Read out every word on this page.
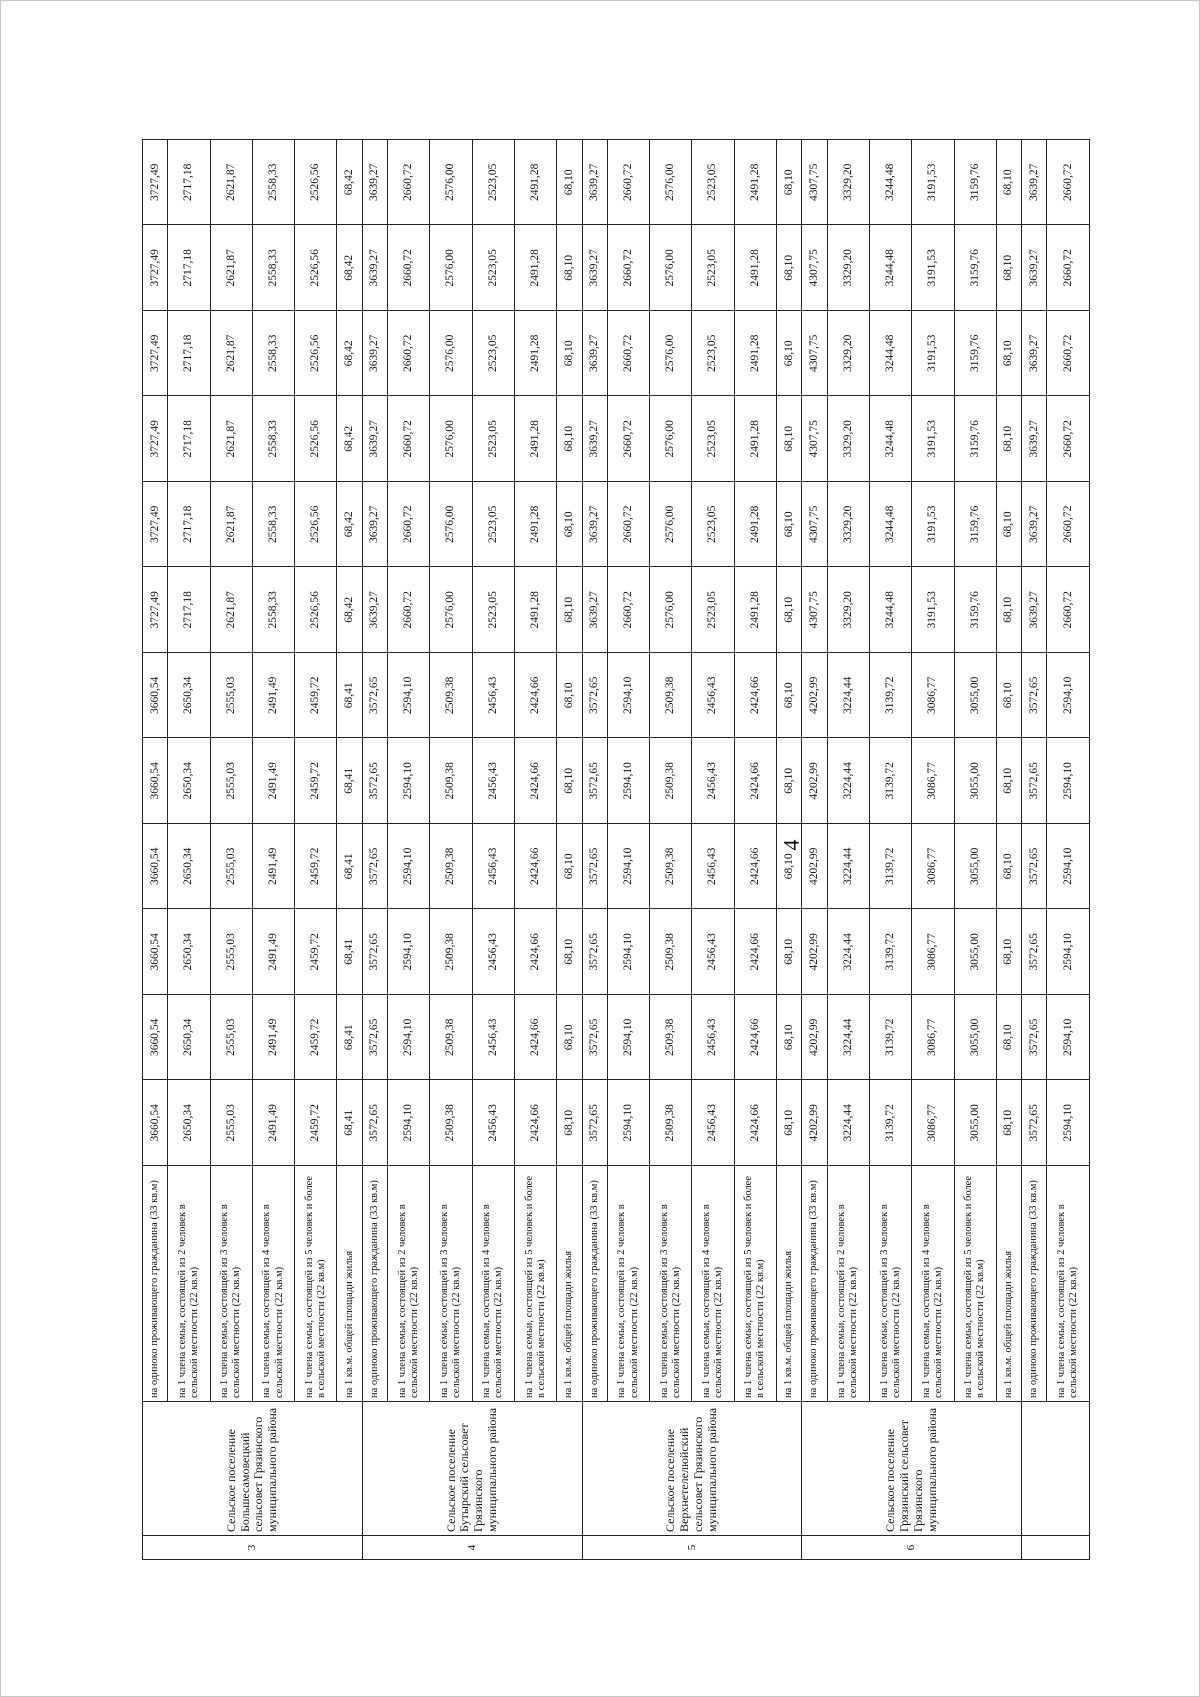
3	Сельское поселение Большесамовецкий сельсовет Грязинского муниципального района	на одиноко проживающего гражданина (33 кв.м)	3660,54	3660,54	3660,54	3660,54	3660,54	3660,54	3727,49	3727,49	3727,49	3727,49	3727,49	3727,49
		на 1 члена семьи, состоящей из 2 человек в сельской местности (22 кв.м)	2650,34	2650,34	2650,34	2650,34	2650,34	2650,34	2717,18	2717,18	2717,18	2717,18	2717,18	2717,18
		на 1 члена семьи, состоящей из 3 человек в сельской местности (22 кв.м)	2555,03	2555,03	2555,03	2555,03	2555,03	2555,03	2621,87	2621,87	2621,87	2621,87	2621,87	2621,87
		на 1 члена семьи, состоящей из 4 человек в сельской местности (22 кв.м)	2491,49	2491,49	2491,49	2491,49	2491,49	2491,49	2558,33	2558,33	2558,33	2558,33	2558,33	2558,33
		на 1 члена семьи, состоящей из 5 человек и более в сельской местности (22 кв.м)	2459,72	2459,72	2459,72	2459,72	2459,72	2459,72	2526,56	2526,56	2526,56	2526,56	2526,56	2526,56
		на 1 кв.м. общей площади жилья	68,41	68,41	68,41	68,41	68,41	68,41	68,42	68,42	68,42	68,42	68,42	68,42
4	Сельское поселение Бутырский сельсовет Грязинского муниципального района	на одиноко проживающего гражданина (33 кв.м)	3572,65	3572,65	3572,65	3572,65	3572,65	3572,65	3639,27	3639,27	3639,27	3639,27	3639,27	3639,27
		на 1 члена семьи, состоящей из 2 человек в сельской местности (22 кв.м)	2594,10	2594,10	2594,10	2594,10	2594,10	2594,10	2660,72	2660,72	2660,72	2660,72	2660,72	2660,72
		на 1 члена семьи, состоящей из 3 человек в сельской местности (22 кв.м)	2509,38	2509,38	2509,38	2509,38	2509,38	2509,38	2576,00	2576,00	2576,00	2576,00	2576,00	2576,00
		на 1 члена семьи, состоящей из 4 человек в сельской местности (22 кв.м)	2456,43	2456,43	2456,43	2456,43	2456,43	2456,43	2523,05	2523,05	2523,05	2523,05	2523,05	2523,05
		на 1 члена семьи, состоящей из 5 человек и более в сельской местности (22 кв.м)	2424,66	2424,66	2424,66	2424,66	2424,66	2424,66	2491,28	2491,28	2491,28	2491,28	2491,28	2491,28
		на 1 кв.м. общей площади жилья	68,10	68,10	68,10	68,10	68,10	68,10	68,10	68,10	68,10	68,10	68,10	68,10
5	Сельское поселение Верхнетелелюйский сельсовет Грязинского муниципального района	на одиноко проживающего гражданина (33 кв.м)	3572,65	3572,65	3572,65	3572,65	3572,65	3572,65	3639,27	3639,27	3639,27	3639,27	3639,27	3639,27
		на 1 члена семьи, состоящей из 2 человек в сельской местности (22 кв.м)	2594,10	2594,10	2594,10	2594,10	2594,10	2594,10	2660,72	2660,72	2660,72	2660,72	2660,72	2660,72
		на 1 члена семьи, состоящей из 3 человек в сельской местности (22 кв.м)	2509,38	2509,38	2509,38	2509,38	2509,38	2509,38	2576,00	2576,00	2576,00	2576,00	2576,00	2576,00
		на 1 члена семьи, состоящей из 4 человек в сельской местности (22 кв.м)	2456,43	2456,43	2456,43	2456,43	2456,43	2456,43	2523,05	2523,05	2523,05	2523,05	2523,05	2523,05
		на 1 члена семьи, состоящей из 5 человек и более в сельской местности (22 кв.м)	2424,66	2424,66	2424,66	2424,66	2424,66	2424,66	2491,28	2491,28	2491,28	2491,28	2491,28	2491,28
		на 1 кв.м. общей площади жилья	68,10	68,10	68,10	68,10	68,10	68,10	68,10	68,10	68,10	68,10	68,10	68,10
6	Сельское поселение Грязинский сельсовет Грязинского муниципального района	на одиноко проживающего гражданина (33 кв.м)	4202,99	4202,99	4202,99	4202,99	4202,99	4202,99	4307,75	4307,75	4307,75	4307,75	4307,75	4307,75
		на 1 члена семьи, состоящей из 2 человек в сельской местности (22 кв.м)	3224,44	3224,44	3224,44	3224,44	3224,44	3224,44	3329,20	3329,20	3329,20	3329,20	3329,20	3329,20
		на 1 члена семьи, состоящей из 3 человек в сельской местности (22 кв.м)	3139,72	3139,72	3139,72	3139,72	3139,72	3139,72	3244,48	3244,48	3244,48	3244,48	3244,48	3244,48
		на 1 члена семьи, состоящей из 4 человек в сельской местности (22 кв.м)	3086,77	3086,77	3086,77	3086,77	3086,77	3086,77	3191,53	3191,53	3191,53	3191,53	3191,53	3191,53
		на 1 члена семьи, состоящей из 5 человек и более в сельской местности (22 кв.м)	3055,00	3055,00	3055,00	3055,00	3055,00	3055,00	3159,76	3159,76	3159,76	3159,76	3159,76	3159,76
		на 1 кв.м. общей площади жилья	68,10	68,10	68,10	68,10	68,10	68,10	68,10	68,10	68,10	68,10	68,10	68,10
		на одиноко проживающего гражданина (33 кв.м)	3572,65	3572,65	3572,65	3572,65	3572,65	3572,65	3639,27	3639,27	3639,27	3639,27	3639,27	3639,27
		на 1 члена семьи, состоящей из 2 человек в сельской местности (22 кв.м)	2594,10	2594,10	2594,10	2594,10	2594,10	2594,10	2660,72	2660,72	2660,72	2660,72	2660,72	2660,72
4
